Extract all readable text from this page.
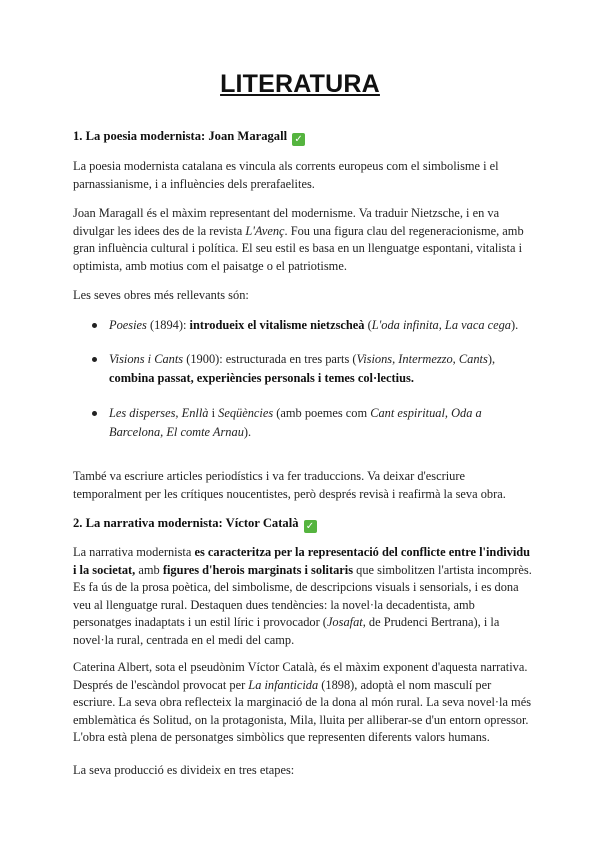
LITERATURA
1. La poesia modernista: Joan Maragall ✓
La poesia modernista catalana es vincula als corrents europeus com el simbolisme i el parnassianisme, i a influències dels prerafaelites.
Joan Maragall és el màxim representant del modernisme. Va traduir Nietzsche, i en va divulgar les idees des de la revista L'Avenç. Fou una figura clau del regeneracionisme, amb gran influència cultural i política. El seu estil es basa en un llenguatge espontani, vitalista i optimista, amb motius com el paisatge o el patriotisme.
Les seves obres més rellevants són:
Poesies (1894): introdueix el vitalisme nietzscheà (L'oda infinita, La vaca cega).
Visions i Cants (1900): estructurada en tres parts (Visions, Intermezzo, Cants), combina passat, experiències personals i temes col·lectius.
Les disperses, Enllà i Seqüències (amb poemes com Cant espiritual, Oda a Barcelona, El comte Arnau).
També va escriure articles periodístics i va fer traduccions. Va deixar d'escriure temporalment per les crítiques noucentistes, però després revisà i reafirmà la seva obra.
2. La narrativa modernista: Víctor Català ✓
La narrativa modernista es caracteritza per la representació del conflicte entre l'individu i la societat, amb figures d'herois marginats i solitaris que simbolitzen l'artista incomprès. Es fa ús de la prosa poètica, del simbolisme, de descripcions visuals i sensorials, i es dona veu al llenguatge rural. Destaquen dues tendències: la novel·la decadentista, amb personatges inadaptats i un estil líric i provocador (Josafat, de Prudenci Bertrana), i la novel·la rural, centrada en el medi del camp.
Caterina Albert, sota el pseudònim Víctor Català, és el màxim exponent d'aquesta narrativa. Després de l'escàndol provocat per La infanticida (1898), adoptà el nom masculí per escriure. La seva obra reflecteix la marginació de la dona al món rural. La seva novel·la més emblemàtica és Solitud, on la protagonista, Mila, lluita per alliberar-se d'un entorn opressor. L'obra està plena de personatges simbòlics que representen diferents valors humans.
La seva producció es divideix en tres etapes:
